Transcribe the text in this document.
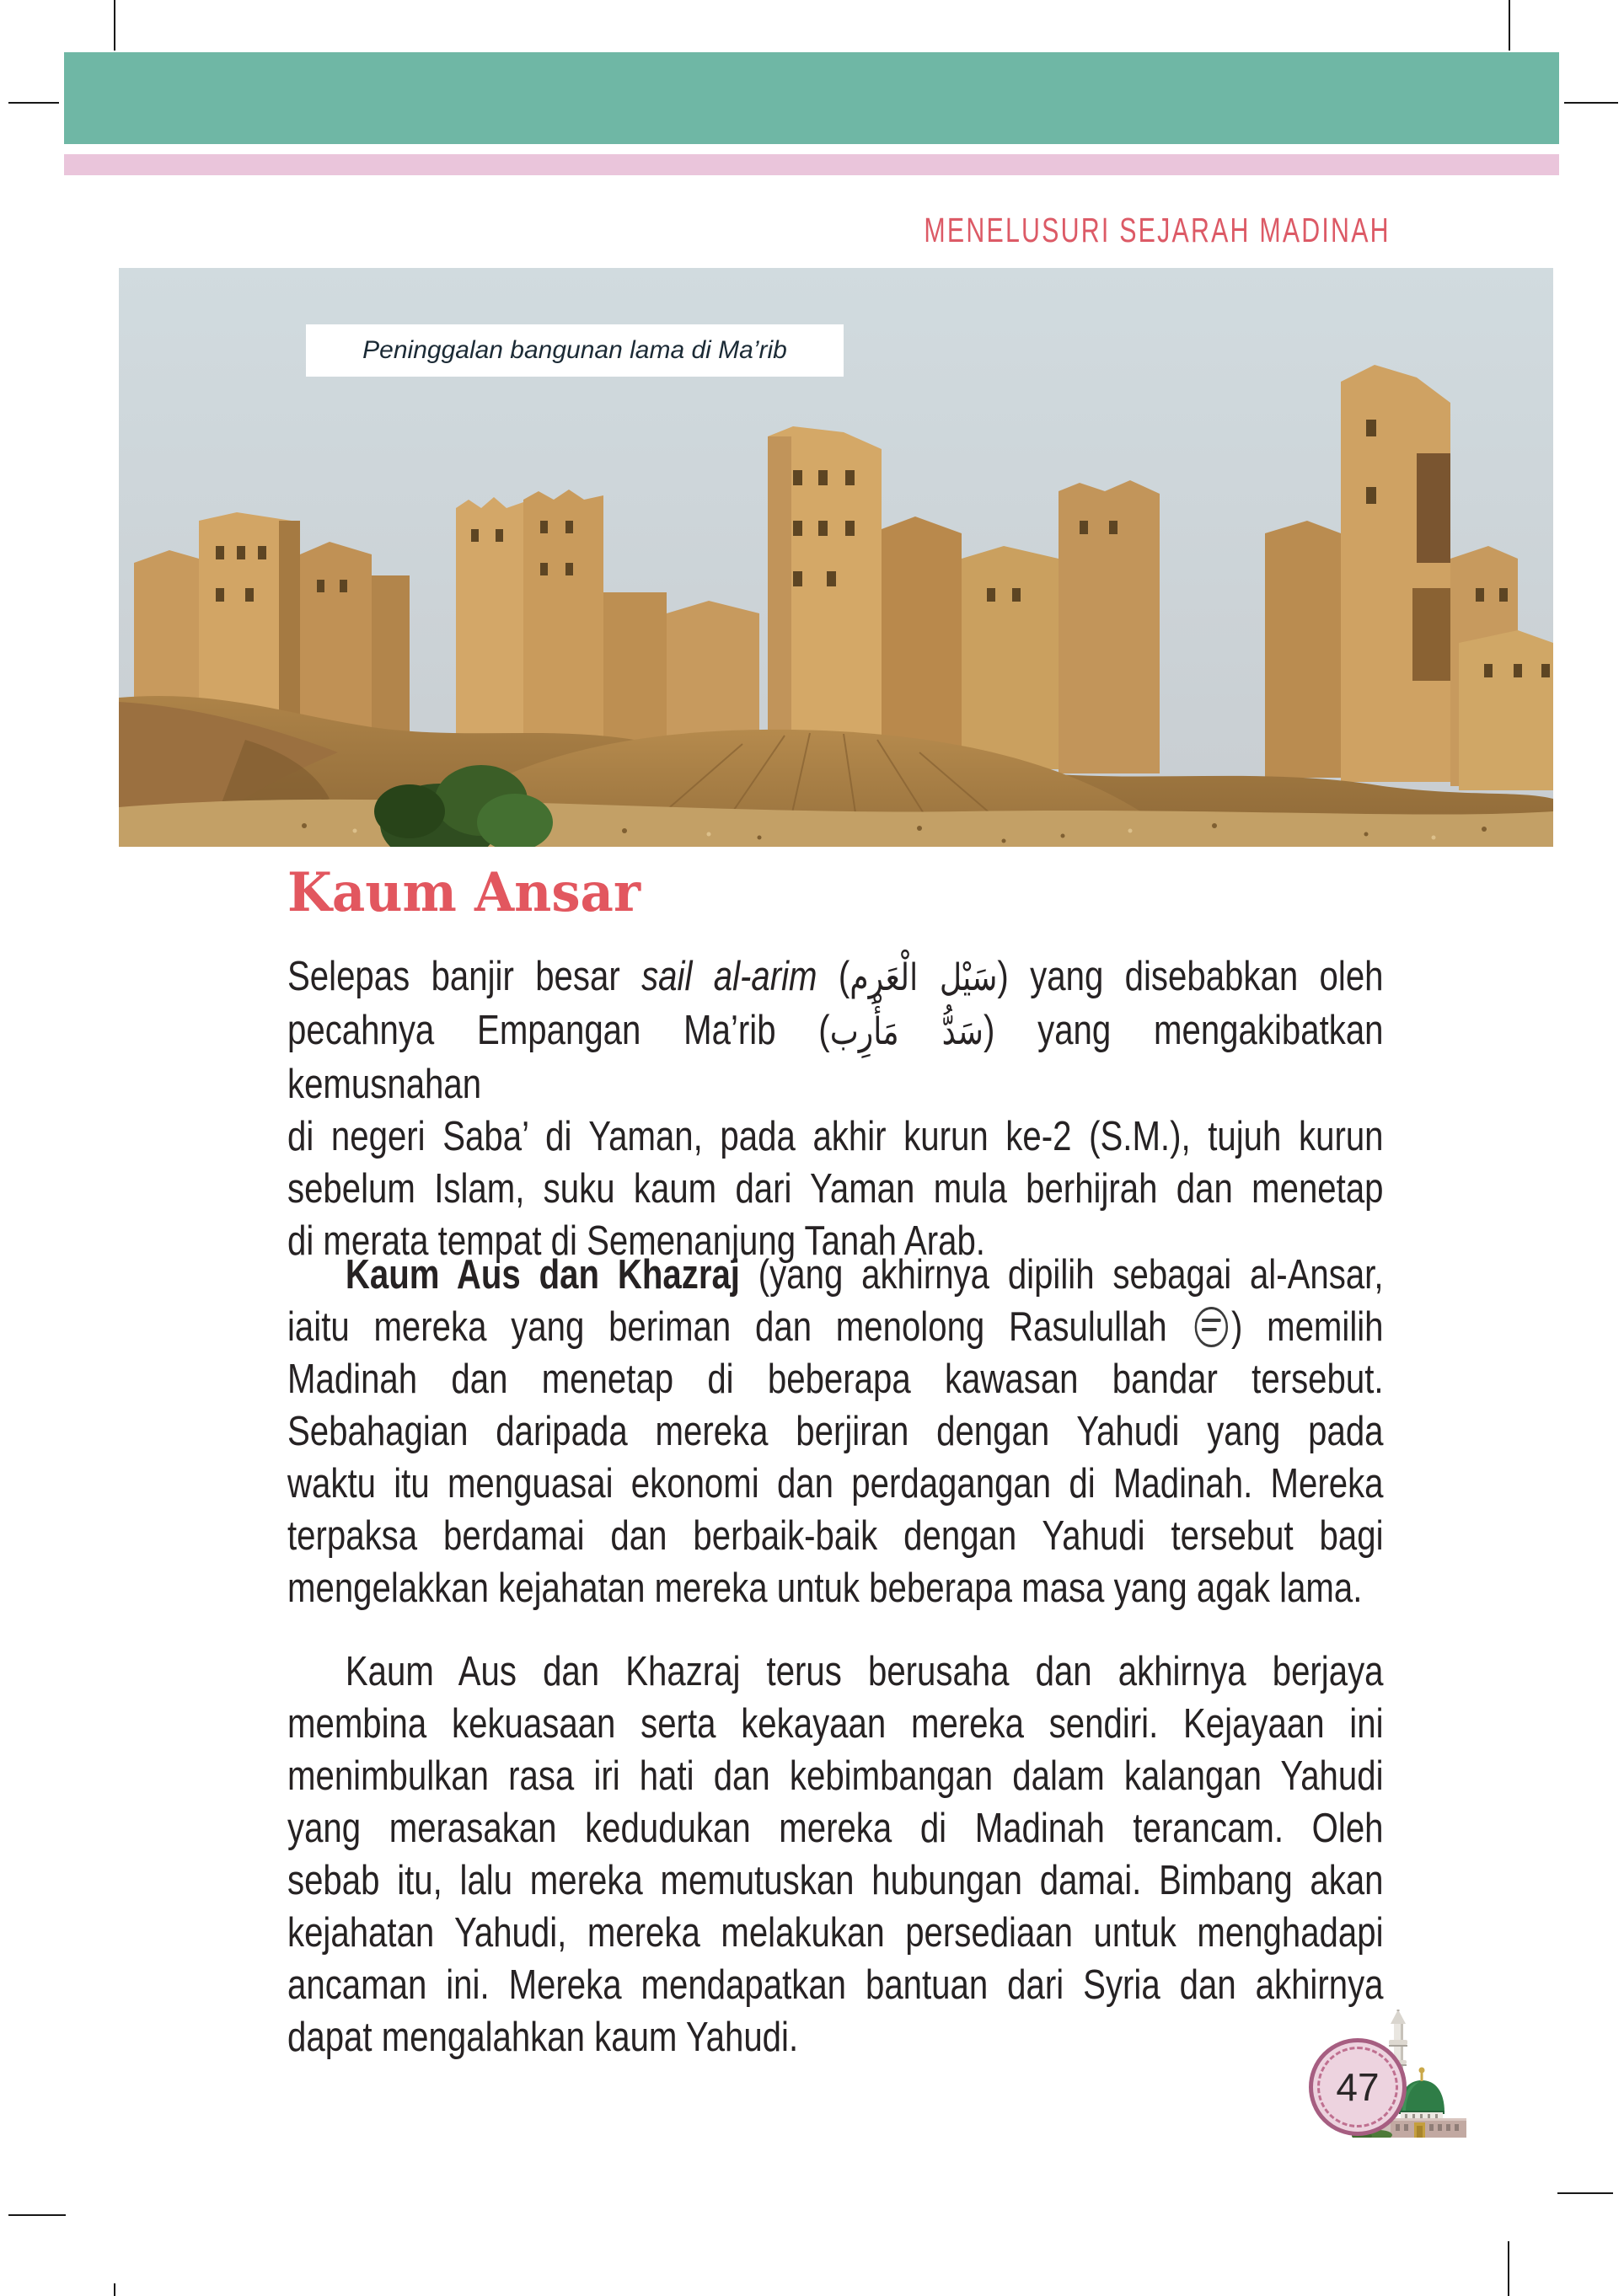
MENELUSURI SEJARAH MADINAH
Peninggalan bangunan lama di Ma’rib
Kaum Ansar
Selepas banjir besar sail al-arim (سَيْل الْعَرِم) yang disebabkan oleh
pecahnya Empangan Ma’rib (سَدُّ مَأْرِب) yang mengakibatkan kemusnahan
di negeri Saba’ di Yaman, pada akhir kurun ke-2 (S.M.), tujuh kurun
sebelum Islam, suku kaum dari Yaman mula berhijrah dan menetap
di merata tempat di Semenanjung Tanah Arab.
Kaum Aus dan Khazraj (yang akhirnya dipilih sebagai al-Ansar,
iaitu mereka yang beriman dan menolong Rasulullah ) memilih
Madinah dan menetap di beberapa kawasan bandar tersebut.
Sebahagian daripada mereka berjiran dengan Yahudi yang pada
waktu itu menguasai ekonomi dan perdagangan di Madinah. Mereka
terpaksa berdamai dan berbaik-baik dengan Yahudi tersebut bagi
mengelakkan kejahatan mereka untuk beberapa masa yang agak lama.
Kaum Aus dan Khazraj terus berusaha dan akhirnya berjaya
membina kekuasaan serta kekayaan mereka sendiri. Kejayaan ini
menimbulkan rasa iri hati dan kebimbangan dalam kalangan Yahudi
yang merasakan kedudukan mereka di Madinah terancam. Oleh
sebab itu, lalu mereka memutuskan hubungan damai. Bimbang akan
kejahatan Yahudi, mereka melakukan persediaan untuk menghadapi
ancaman ini. Mereka mendapatkan bantuan dari Syria dan akhirnya
dapat mengalahkan kaum Yahudi.
47
